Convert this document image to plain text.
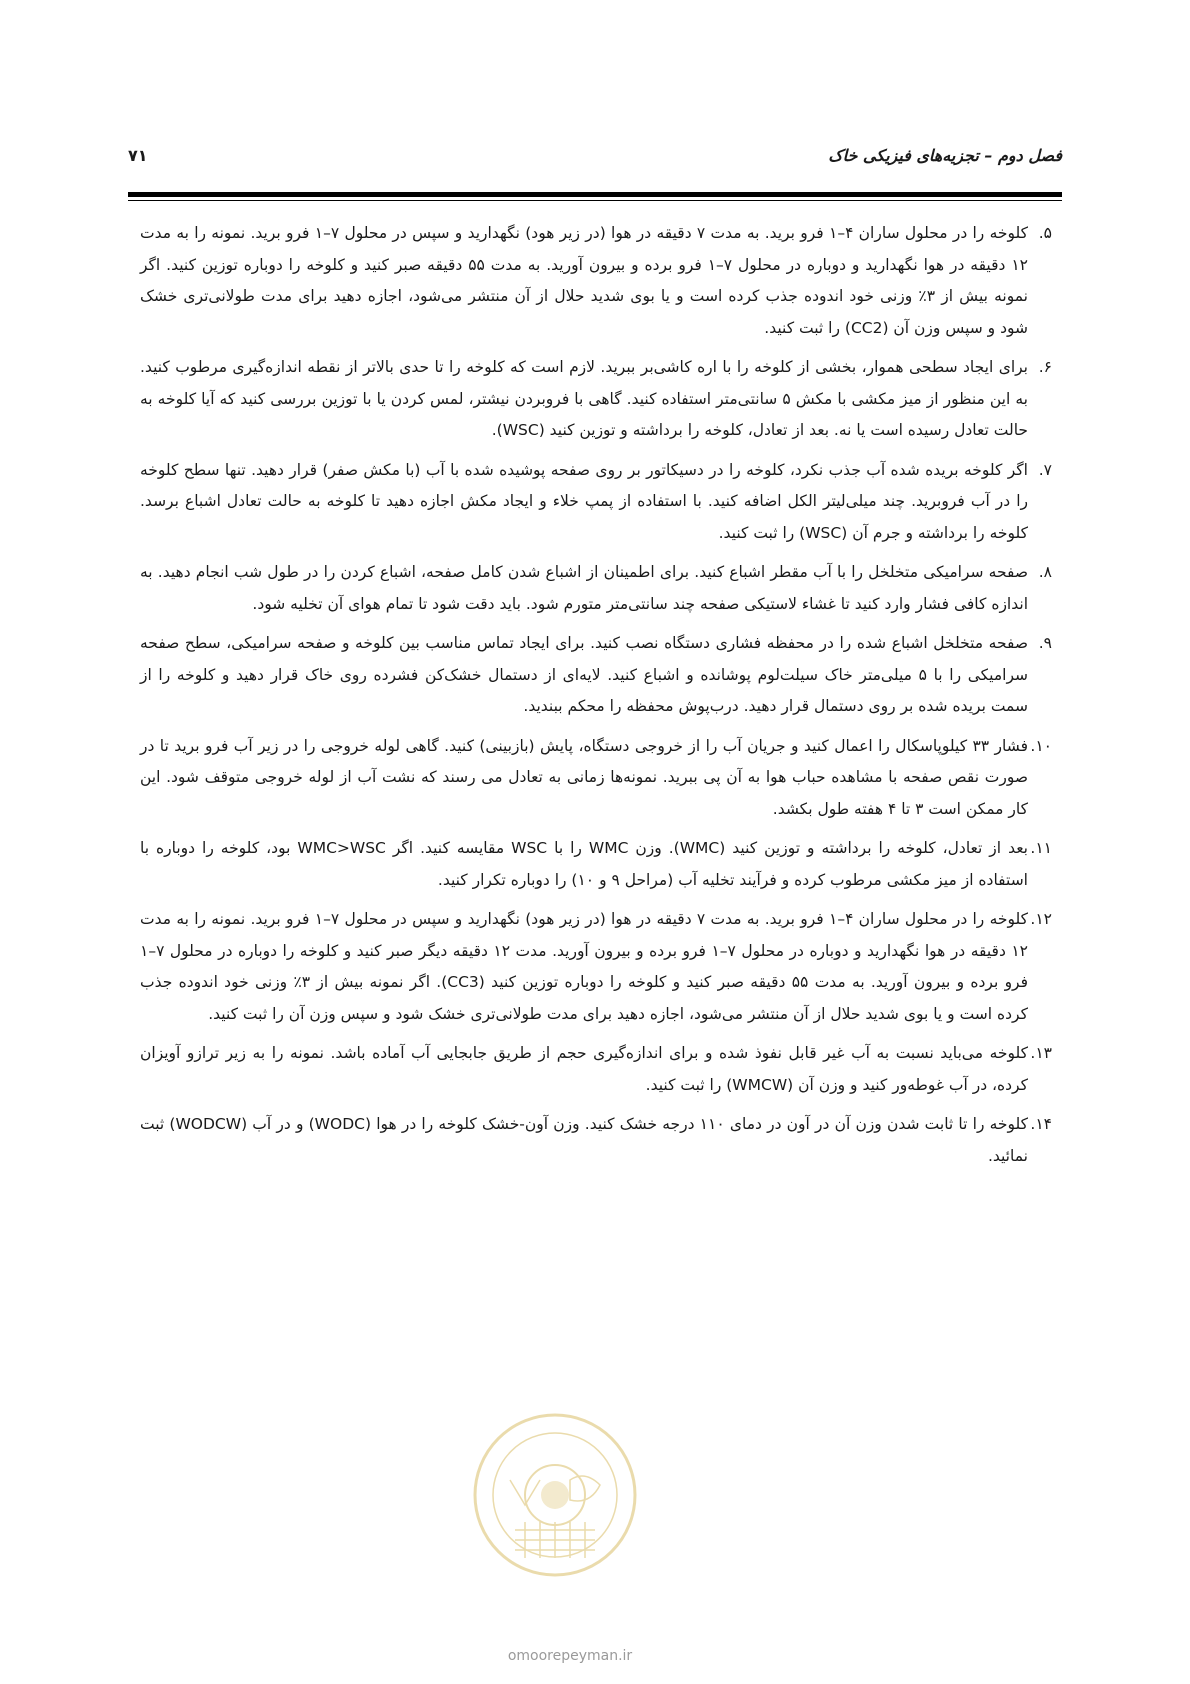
فصل دوم – تجزیه‌های فیزیکی خاک
۷۱
۵.
کلوخه را در محلول ساران ۴–۱ فرو برید. به مدت ۷ دقیقه در هوا (در زیر هود) نگهدارید و سپس در محلول ۷–۱ فرو برید. نمونه را به مدت ۱۲ دقیقه در هوا نگهدارید و دوباره در محلول ۷–۱ فرو برده و بیرون آورید. به مدت ۵۵ دقیقه صبر کنید و کلوخه را دوباره توزین کنید. اگر نمونه بیش از ۳٪ وزنی خود اندوده جذب کرده است و یا بوی شدید حلال از آن منتشر می‌شود، اجازه دهید برای مدت طولانی‌تری خشک شود و سپس وزن آن (CC2) را ثبت کنید.
۶.
برای ایجاد سطحی هموار، بخشی از کلوخه را با اره کاشی‌بر ببرید. لازم است که کلوخه را تا حدی بالاتر از نقطه اندازه‌گیری مرطوب کنید. به این منظور از میز مکشی با مکش ۵ سانتی‌متر استفاده کنید. گاهی با فروبردن نیشتر، لمس کردن یا با توزین بررسی کنید که آیا کلوخه به حالت تعادل رسیده است یا نه. بعد از تعادل، کلوخه را برداشته و توزین کنید (WSC).
۷.
اگر کلوخه بریده شده آب جذب نکرد، کلوخه را در دسیکاتور بر روی صفحه پوشیده شده با آب (با مکش صفر) قرار دهید. تنها سطح کلوخه را در آب فروبرید. چند میلی‌لیتر الکل اضافه کنید. با استفاده از پمپ خلاء و ایجاد مکش اجازه دهید تا کلوخه به حالت تعادل اشباع برسد. کلوخه را برداشته و جرم آن (WSC) را ثبت کنید.
۸.
صفحه سرامیکی متخلخل را با آب مقطر اشباع کنید. برای اطمینان از اشباع شدن کامل صفحه، اشباع کردن را در طول شب انجام دهید. به اندازه کافی فشار وارد کنید تا غشاء لاستیکی صفحه چند سانتی‌متر متورم شود. باید دقت شود تا تمام هوای آن تخلیه شود.
۹.
صفحه متخلخل اشباع شده را در محفظه فشاری دستگاه نصب کنید. برای ایجاد تماس مناسب بین کلوخه و صفحه سرامیکی، سطح صفحه سرامیکی را با ۵ میلی‌متر خاک سیلت‌لوم پوشانده و اشباع کنید. لایه‌ای از دستمال خشک‌کن فشرده روی خاک قرار دهید و کلوخه را از سمت بریده شده بر روی دستمال قرار دهید. درب‌پوش محفظه را محکم ببندید.
۱۰.
فشار ۳۳ کیلوپاسکال را اعمال کنید و جریان آب را از خروجی دستگاه، پایش (بازبینی) کنید. گاهی لوله خروجی را در زیر آب فرو برید تا در صورت نقص صفحه با مشاهده حباب هوا به آن پی ببرید. نمونه‌ها زمانی به تعادل می رسند که نشت آب از لوله خروجی متوقف شود. این کار ممکن است ۳ تا ۴ هفته طول بکشد.
۱۱.
بعد از تعادل، کلوخه را برداشته و توزین کنید (WMC). وزن WMC را با WSC مقایسه کنید. اگر WMC>WSC بود، کلوخه را دوباره با استفاده از میز مکشی مرطوب کرده و فرآیند تخلیه آب (مراحل ۹ و ۱۰) را دوباره تکرار کنید.
۱۲.
کلوخه را در محلول ساران ۴–۱ فرو برید. به مدت ۷ دقیقه در هوا (در زیر هود) نگهدارید و سپس در محلول ۷–۱ فرو برید. نمونه را به مدت ۱۲ دقیقه در هوا نگهدارید و دوباره در محلول ۷–۱ فرو برده و بیرون آورید. مدت ۱۲ دقیقه دیگر صبر کنید و کلوخه را دوباره در محلول ۷–۱ فرو برده و بیرون آورید. به مدت ۵۵ دقیقه صبر کنید و کلوخه را دوباره توزین کنید (CC3). اگر نمونه بیش از ۳٪ وزنی خود اندوده جذب کرده است و یا بوی شدید حلال از آن منتشر می‌شود، اجازه دهید برای مدت طولانی‌تری خشک شود و سپس وزن آن را ثبت کنید.
۱۳.
کلوخه می‌باید نسبت به آب غیر قابل نفوذ شده و برای اندازه‌گیری حجم از طریق جابجایی آب آماده باشد. نمونه را به زیر ترازو آویزان کرده، در آب غوطه‌ور کنید و وزن آن (WMCW) را ثبت کنید.
۱۴.
کلوخه را تا ثابت شدن وزن آن در آون در دمای ۱۱۰ درجه خشک کنید. وزن آون-خشک کلوخه را در هوا (WODC) و در آب (WODCW) ثبت نمائید.
omoorepeyman.ir
